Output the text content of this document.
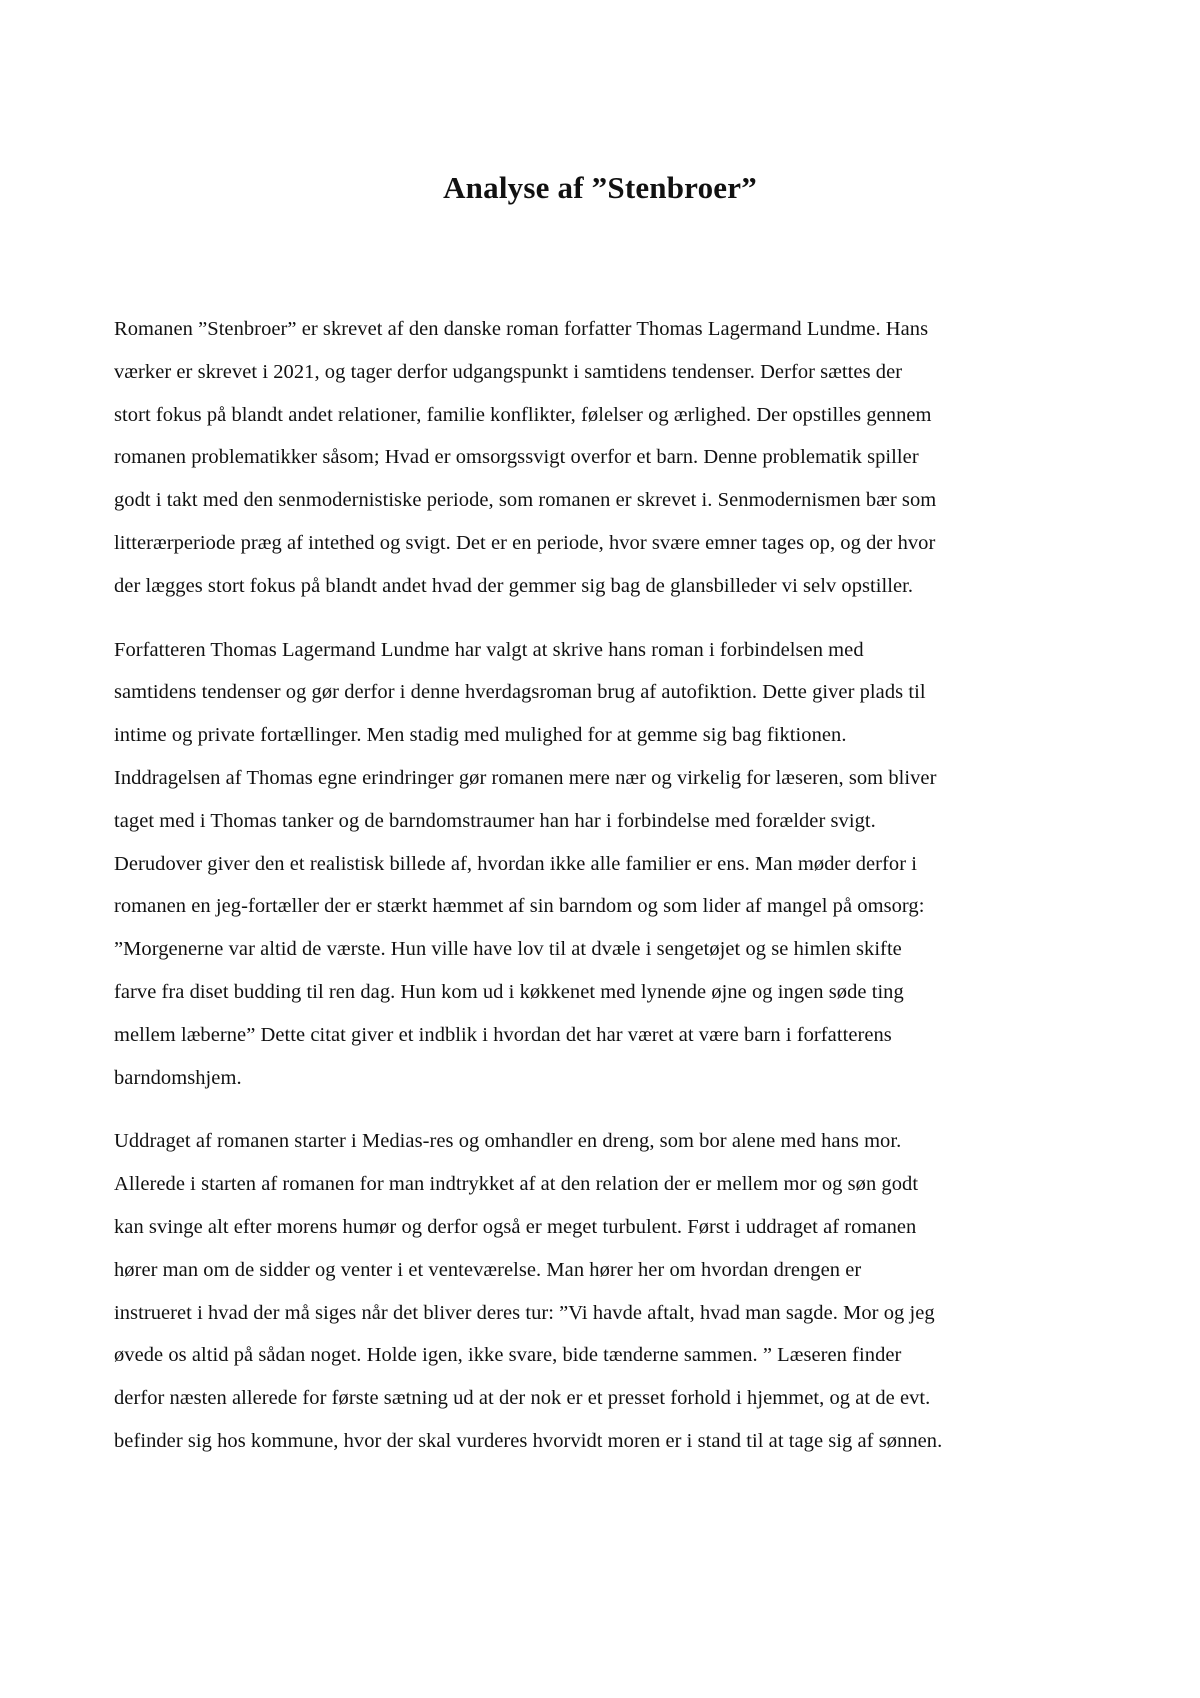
Analyse af ”Stenbroer”

Romanen ”Stenbroer” er skrevet af den danske roman forfatter Thomas Lagermand Lundme. Hans
værker er skrevet i 2021, og tager derfor udgangspunkt i samtidens tendenser. Derfor sættes der
stort fokus på blandt andet relationer, familie konflikter, følelser og ærlighed. Der opstilles gennem
romanen problematikker såsom; Hvad er omsorgssvigt overfor et barn. Denne problematik spiller
godt i takt med den senmodernistiske periode, som romanen er skrevet i. Senmodernismen bær som
litterærperiode præg af intethed og svigt. Det er en periode, hvor svære emner tages op, og der hvor
der lægges stort fokus på blandt andet hvad der gemmer sig bag de glansbilleder vi selv opstiller.

Forfatteren Thomas Lagermand Lundme har valgt at skrive hans roman i forbindelsen med
samtidens tendenser og gør derfor i denne hverdagsroman brug af autofiktion. Dette giver plads til
intime og private fortællinger. Men stadig med mulighed for at gemme sig bag fiktionen.
Inddragelsen af Thomas egne erindringer gør romanen mere nær og virkelig for læseren, som bliver
taget med i Thomas tanker og de barndomstraumer han har i forbindelse med forælder svigt.
Derudover giver den et realistisk billede af, hvordan ikke alle familier er ens. Man møder derfor i
romanen en jeg-fortæller der er stærkt hæmmet af sin barndom og som lider af mangel på omsorg:
”Morgenerne var altid de værste. Hun ville have lov til at dvæle i sengetøjet og se himlen skifte
farve fra diset budding til ren dag. Hun kom ud i køkkenet med lynende øjne og ingen søde ting
mellem læberne” Dette citat giver et indblik i hvordan det har været at være barn i forfatterens
barndomshjem.

Uddraget af romanen starter i Medias-res og omhandler en dreng, som bor alene med hans mor.
Allerede i starten af romanen for man indtrykket af at den relation der er mellem mor og søn godt
kan svinge alt efter morens humør og derfor også er meget turbulent. Først i uddraget af romanen
hører man om de sidder og venter i et venteværelse. Man hører her om hvordan drengen er
instrueret i hvad der må siges når det bliver deres tur: ”Vi havde aftalt, hvad man sagde. Mor og jeg
øvede os altid på sådan noget. Holde igen, ikke svare, bide tænderne sammen. ” Læseren finder
derfor næsten allerede for første sætning ud at der nok er et presset forhold i hjemmet, og at de evt.
befinder sig hos kommune, hvor der skal vurderes hvorvidt moren er i stand til at tage sig af sønnen.
